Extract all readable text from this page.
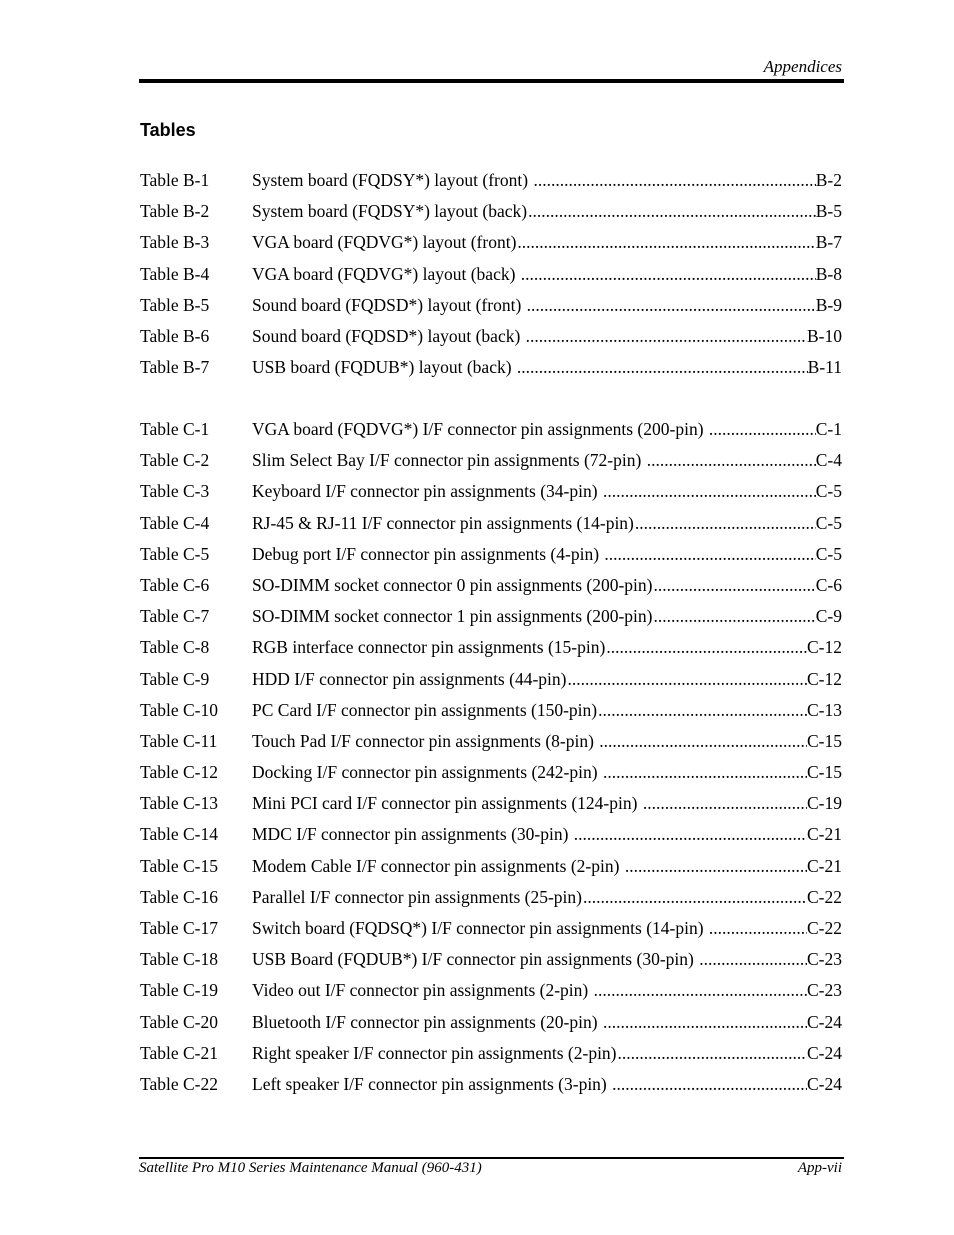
Appendices
Tables
Table B-1	System board (FQDSY*) layout (front) .....	B-2
Table B-2	System board (FQDSY*) layout (back) .....	B-5
Table B-3	VGA board (FQDVG*) layout (front) .....	B-7
Table B-4	VGA board (FQDVG*) layout (back) .....	B-8
Table B-5	Sound board (FQDSD*) layout (front) .....	B-9
Table B-6	Sound board (FQDSD*) layout (back) .....	B-10
Table B-7	USB board (FQDUB*) layout (back) .....	B-11
Table C-1	VGA board (FQDVG*) I/F connector pin assignments (200-pin) .....	C-1
Table C-2	Slim Select Bay I/F connector pin assignments (72-pin) .....	C-4
Table C-3	Keyboard I/F connector pin assignments (34-pin) .....	C-5
Table C-4	RJ-45 & RJ-11 I/F connector pin assignments (14-pin) .....	C-5
Table C-5	Debug port I/F connector pin assignments (4-pin) .....	C-5
Table C-6	SO-DIMM socket connector 0 pin assignments (200-pin) .....	C-6
Table C-7	SO-DIMM socket connector 1 pin assignments (200-pin) .....	C-9
Table C-8	RGB interface connector pin assignments (15-pin) .....	C-12
Table C-9	HDD I/F connector pin assignments (44-pin) .....	C-12
Table C-10	PC Card I/F connector pin assignments (150-pin) .....	C-13
Table C-11	Touch Pad I/F connector pin assignments (8-pin) .....	C-15
Table C-12	Docking I/F connector pin assignments (242-pin) .....	C-15
Table C-13	Mini PCI card I/F connector pin assignments (124-pin) .....	C-19
Table C-14	MDC I/F connector pin assignments (30-pin) .....	C-21
Table C-15	Modem Cable I/F connector pin assignments (2-pin) .....	C-21
Table C-16	Parallel I/F connector pin assignments (25-pin) .....	C-22
Table C-17	Switch board (FQDSQ*) I/F connector pin assignments (14-pin) .....	C-22
Table C-18	USB Board (FQDUB*) I/F connector pin assignments (30-pin) .....	C-23
Table C-19	Video out I/F connector pin assignments (2-pin) .....	C-23
Table C-20	Bluetooth I/F connector pin assignments (20-pin) .....	C-24
Table C-21	Right speaker I/F connector pin assignments (2-pin) .....	C-24
Table C-22	Left speaker I/F connector pin assignments (3-pin) .....	C-24
Satellite Pro M10 Series Maintenance Manual (960-431)	App-vii
